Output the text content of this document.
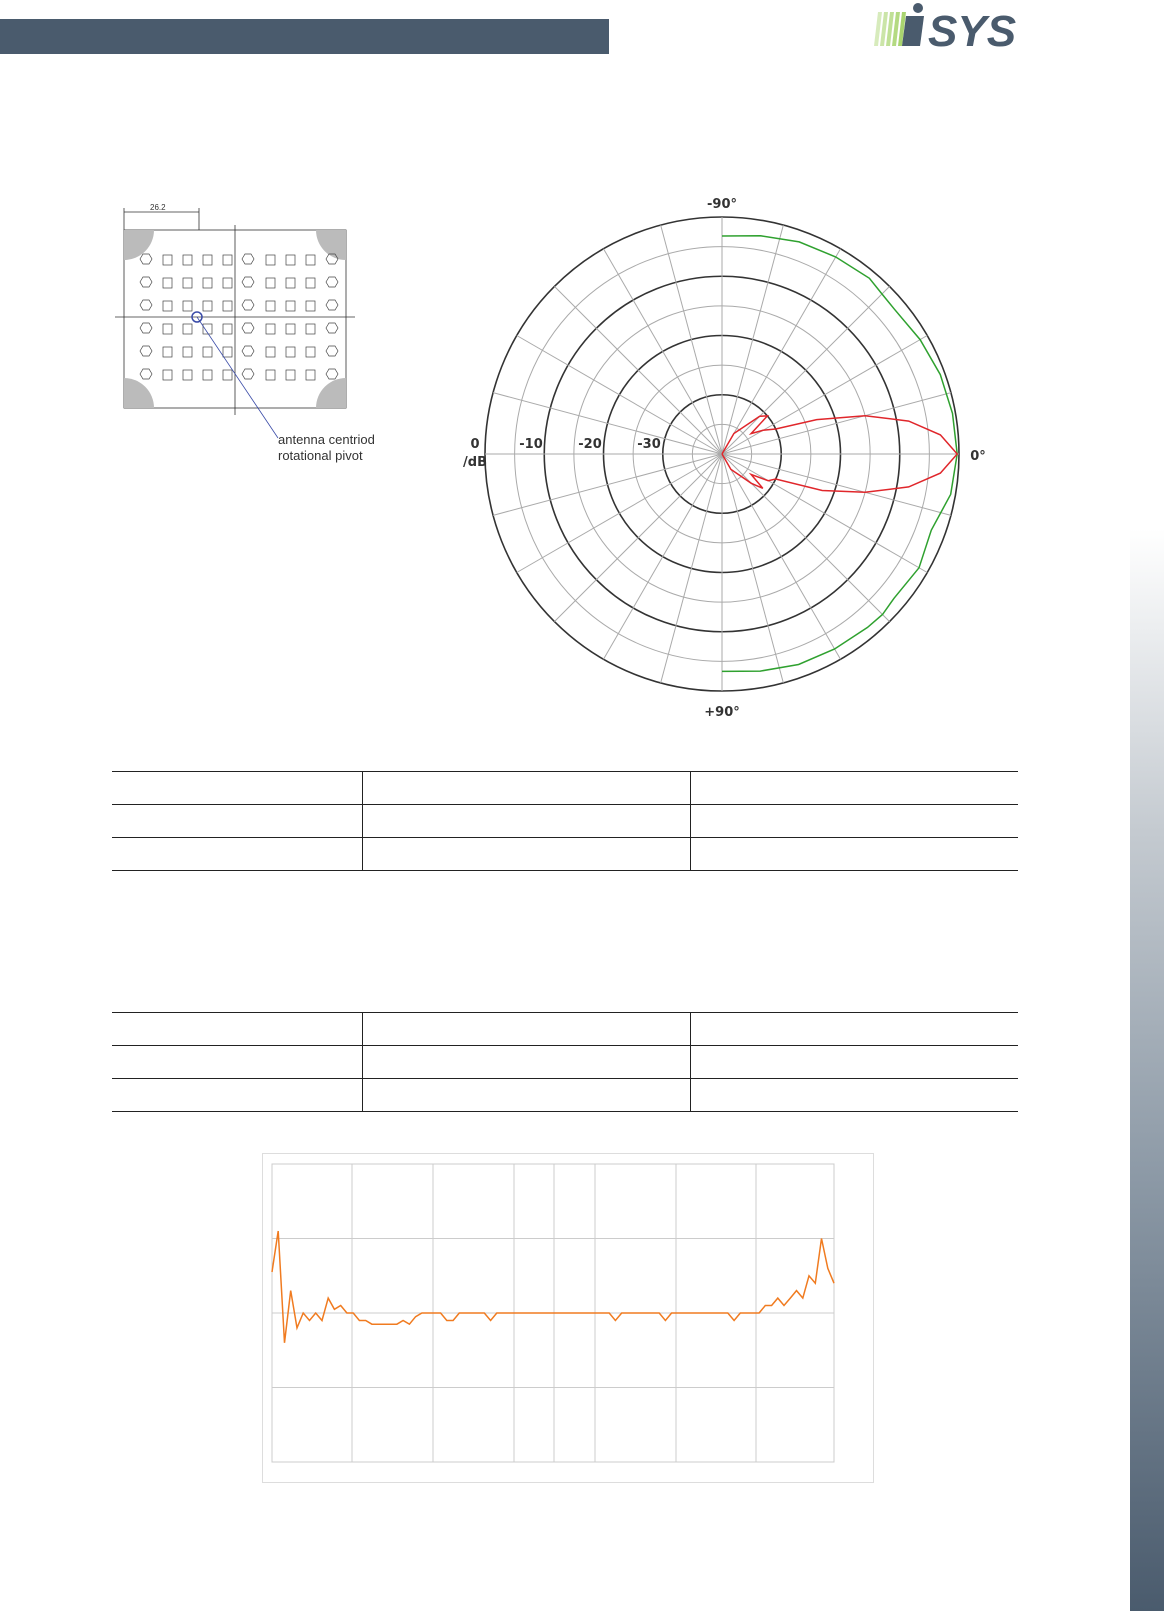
SYS
26.2
antenna centriod
rotational pivot
-90°
+90°
0°
0	-10	-20	-30
/dB
